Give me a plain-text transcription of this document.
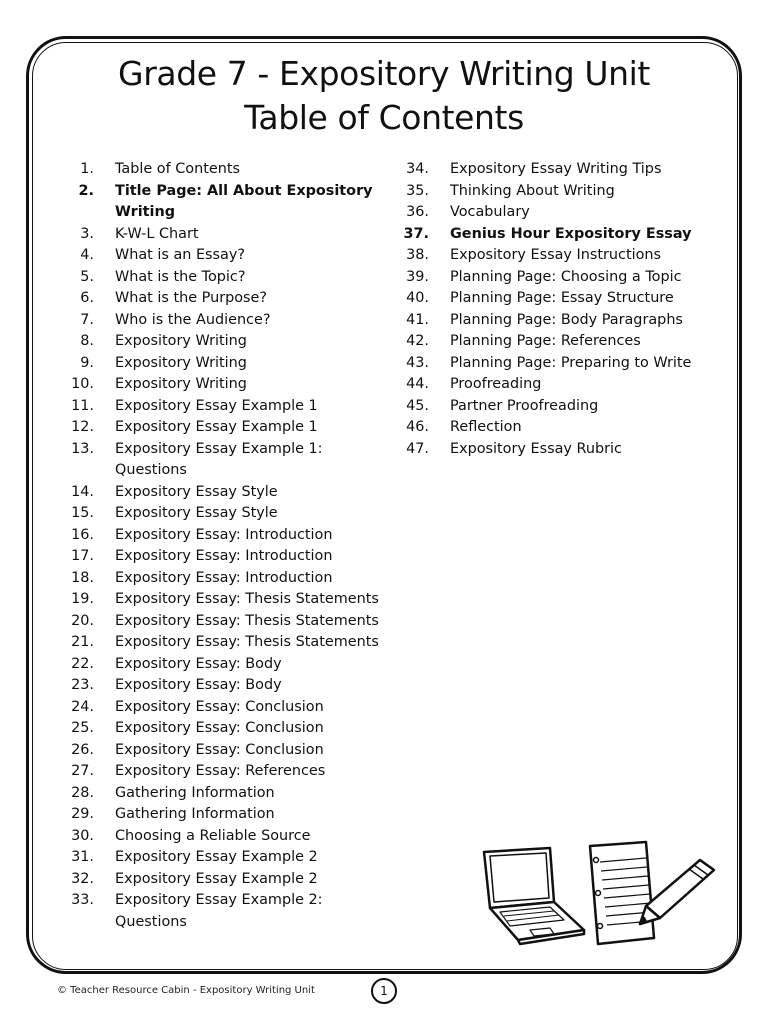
Grade 7 - Expository Writing Unit
Table of Contents
1. Table of Contents
2. Title Page: All About Expository Writing
3. K-W-L Chart
4. What is an Essay?
5. What is the Topic?
6. What is the Purpose?
7. Who is the Audience?
8. Expository Writing
9. Expository Writing
10. Expository Writing
11. Expository Essay Example 1
12. Expository Essay Example 1
13. Expository Essay Example 1: Questions
14. Expository Essay Style
15. Expository Essay Style
16. Expository Essay: Introduction
17. Expository Essay: Introduction
18. Expository Essay: Introduction
19. Expository Essay: Thesis Statements
20. Expository Essay: Thesis Statements
21. Expository Essay: Thesis Statements
22. Expository Essay: Body
23. Expository Essay: Body
24. Expository Essay: Conclusion
25. Expository Essay: Conclusion
26. Expository Essay: Conclusion
27. Expository Essay: References
28. Gathering Information
29. Gathering Information
30. Choosing a Reliable Source
31. Expository Essay Example 2
32. Expository Essay Example 2
33. Expository Essay Example 2: Questions
34. Expository Essay Writing Tips
35. Thinking About Writing
36. Vocabulary
37. Genius Hour Expository Essay
38. Expository Essay Instructions
39. Planning Page: Choosing a Topic
40. Planning Page: Essay Structure
41. Planning Page: Body Paragraphs
42. Planning Page: References
43. Planning Page: Preparing to Write
44. Proofreading
45. Partner Proofreading
46. Reflection
47. Expository Essay Rubric
© Teacher Resource Cabin - Expository Writing Unit	1
